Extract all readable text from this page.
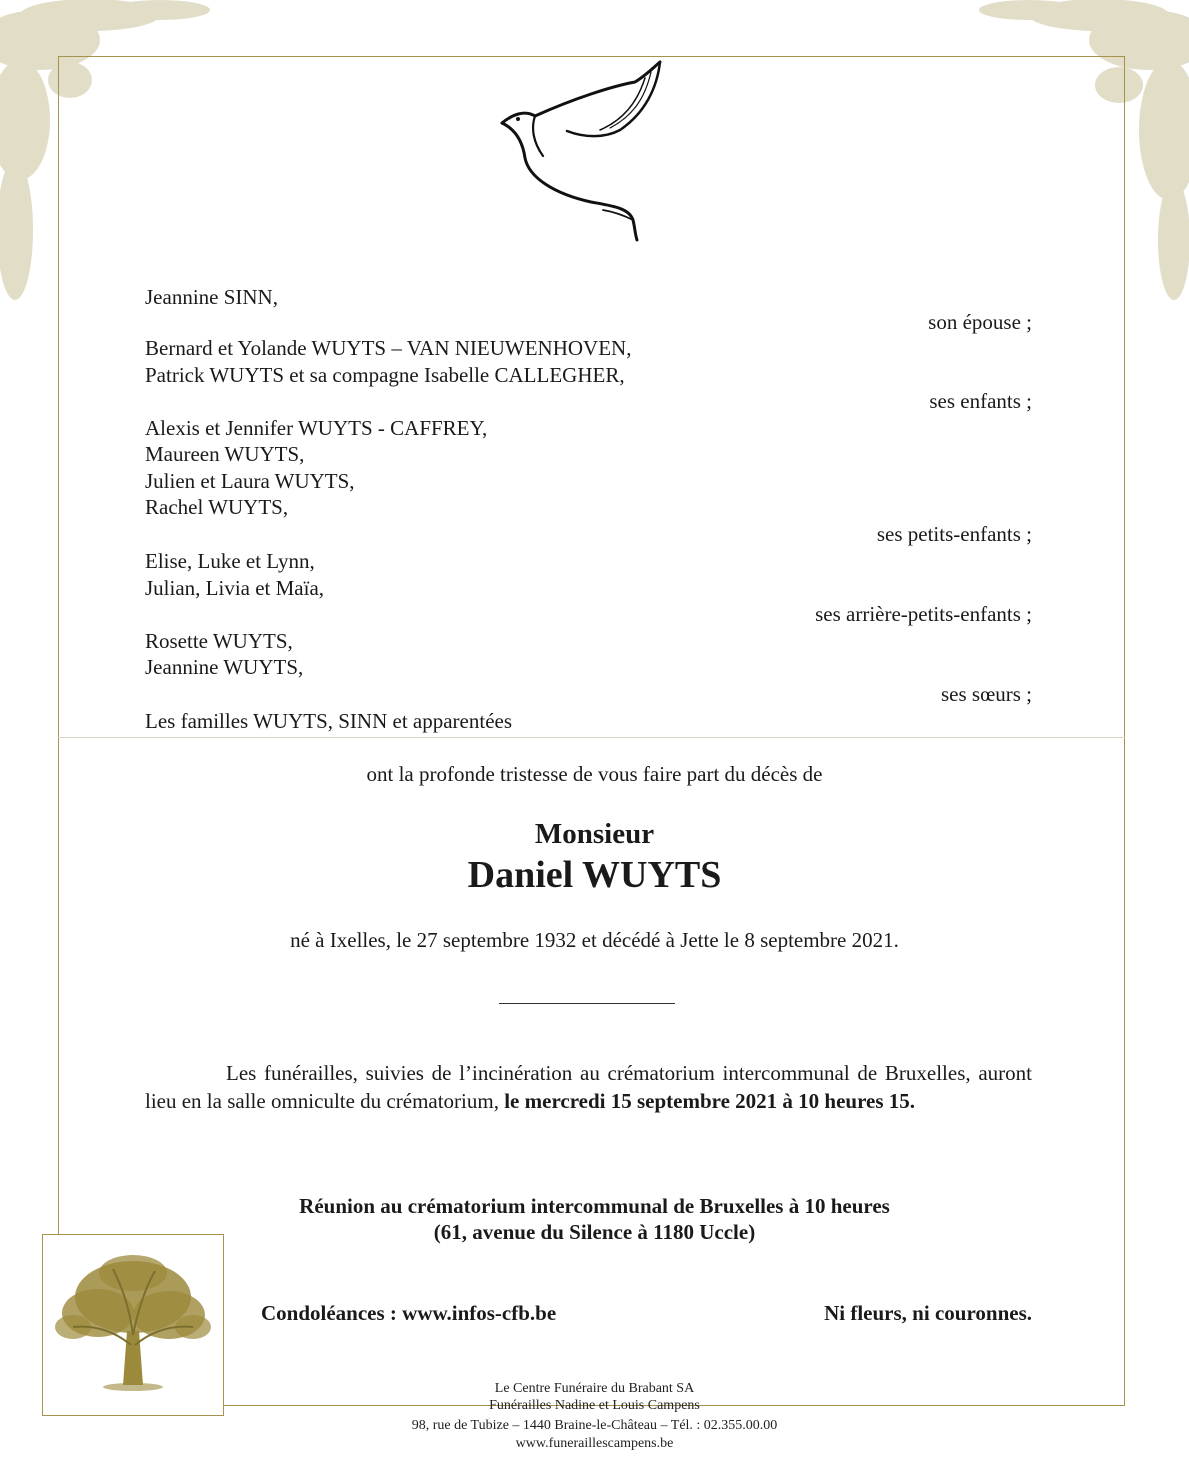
Jeannine SINN,
son épouse ;
Bernard et Yolande WUYTS – VAN NIEUWENHOVEN,
Patrick WUYTS et sa compagne Isabelle CALLEGHER,
ses enfants ;
Alexis et Jennifer WUYTS - CAFFREY,
Maureen WUYTS,
Julien et Laura WUYTS,
Rachel WUYTS,
ses petits-enfants ;
Elise, Luke et Lynn,
Julian, Livia et Maïa,
ses arrière-petits-enfants ;
Rosette WUYTS,
Jeannine WUYTS,
ses sœurs ;
Les familles WUYTS, SINN et apparentées
ont la profonde tristesse de vous faire part du décès de
Monsieur
Daniel WUYTS
né à Ixelles, le 27 septembre 1932 et décédé à Jette le 8 septembre 2021.
Les funérailles, suivies de l’incinération au crématorium intercommunal de Bruxelles, auront lieu en la salle omniculte du crématorium, le mercredi 15 septembre 2021 à 10 heures 15.
Réunion au crématorium intercommunal de Bruxelles à 10 heures
(61, avenue du Silence à 1180 Uccle)
Condoléances : www.infos-cfb.be	Ni fleurs, ni couronnes.
Le Centre Funéraire du Brabant SA
Funérailles Nadine et Louis Campens
98, rue de Tubize – 1440 Braine-le-Château – Tél. : 02.355.00.00
www.funeraillescampens.be
